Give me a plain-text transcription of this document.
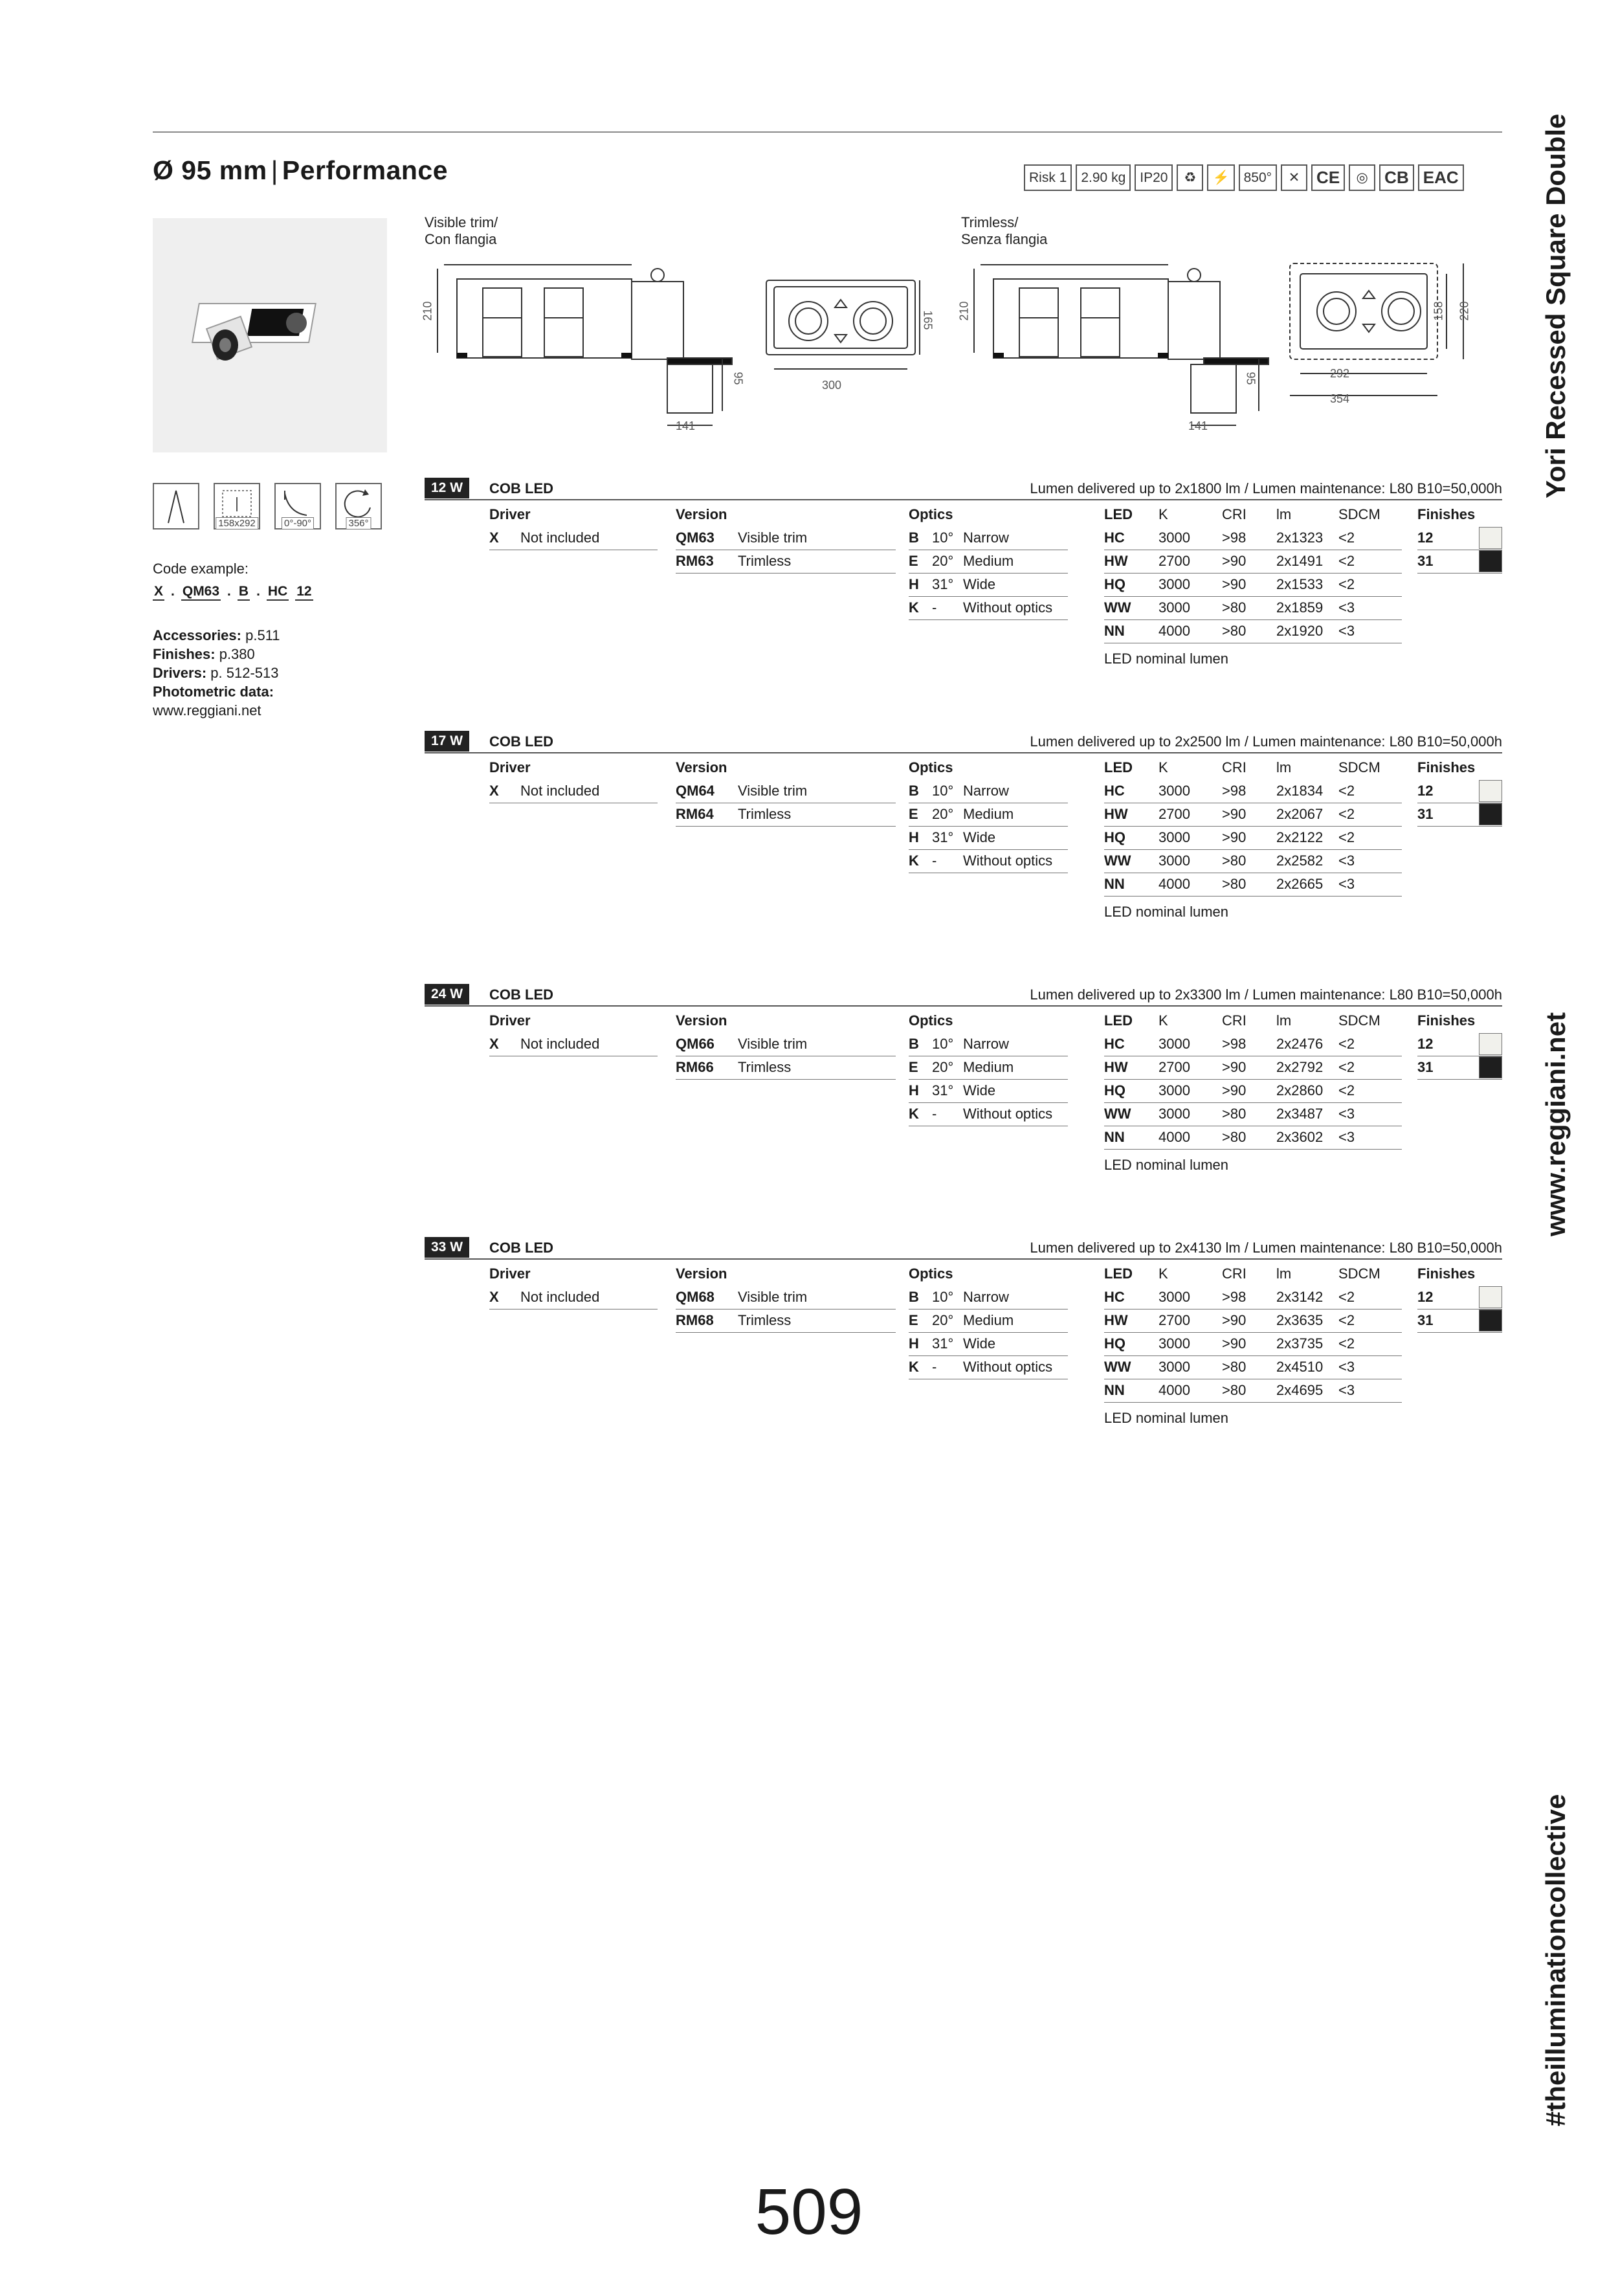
Ø 95 mm | Performance	Risk 1	2.90 kg	IP20	♻	⚡	850°	✕ CE	◎ CB EAC
Visible trim/
Con flangia
210
95
141
300
165
Trimless/
Senza flangia
210
95
141
292
354
158 220
158x292	0°-90°	356°
Code example:
X . QM63 . B . HC 12
Accessories: p.511
Finishes: p.380
Drivers: p. 512-513
Photometric data:
www.reggiani.net
12 W	COB LED	Lumen delivered up to 2x1800 lm / Lumen maintenance: L80 B10=50,000h
Driver
X	Not included
Version
QM63	Visible trim
RM63	Trimless
Optics
B 10° Narrow
E 20° Medium
H 31° Wide
K -	Without optics
LED	K	CRI	lm	SDCM
HC	3000	>98	2x1323	<2
HW	2700	>90	2x1491	<2
HQ	3000	>90	2x1533	<2
WW	3000	>80	2x1859	<3
NN	4000	>80	2x1920	<3
LED nominal lumen
Finishes
12
31
17 W	COB LED	Lumen delivered up to 2x2500 lm / Lumen maintenance: L80 B10=50,000h
Driver
X	Not included
Version
QM64	Visible trim
RM64	Trimless
Optics
B 10° Narrow
E 20° Medium
H 31° Wide
K -	Without optics
LED	K	CRI	lm	SDCM
HC	3000	>98	2x1834	<2
HW	2700	>90	2x2067	<2
HQ	3000	>90	2x2122	<2
WW	3000	>80	2x2582	<3
NN	4000	>80	2x2665	<3
LED nominal lumen
Finishes
12
31
24 W	COB LED	Lumen delivered up to 2x3300 lm / Lumen maintenance: L80 B10=50,000h
Driver
X	Not included
Version
QM66	Visible trim
RM66	Trimless
Optics
B 10° Narrow
E 20° Medium
H 31° Wide
K -	Without optics
LED	K	CRI	lm	SDCM
HC	3000	>98	2x2476	<2
HW	2700	>90	2x2792	<2
HQ	3000	>90	2x2860	<2
WW	3000	>80	2x3487	<3
NN	4000	>80	2x3602	<3
LED nominal lumen
Finishes
12
31
33 W	COB LED	Lumen delivered up to 2x4130 lm / Lumen maintenance: L80 B10=50,000h
Driver
X	Not included
Version
QM68	Visible trim
RM68	Trimless
Optics
B 10° Narrow
E 20° Medium
H 31° Wide
K -	Without optics
LED	K	CRI	lm	SDCM
HC	3000	>98	2x3142	<2
HW	2700	>90	2x3635	<2
HQ	3000	>90	2x3735	<2
WW	3000	>80	2x4510	<3
NN	4000	>80	2x4695	<3
LED nominal lumen
Finishes
12
31
Yori Recessed Square Double
www.reggiani.net
#theilluminationcollective
509
